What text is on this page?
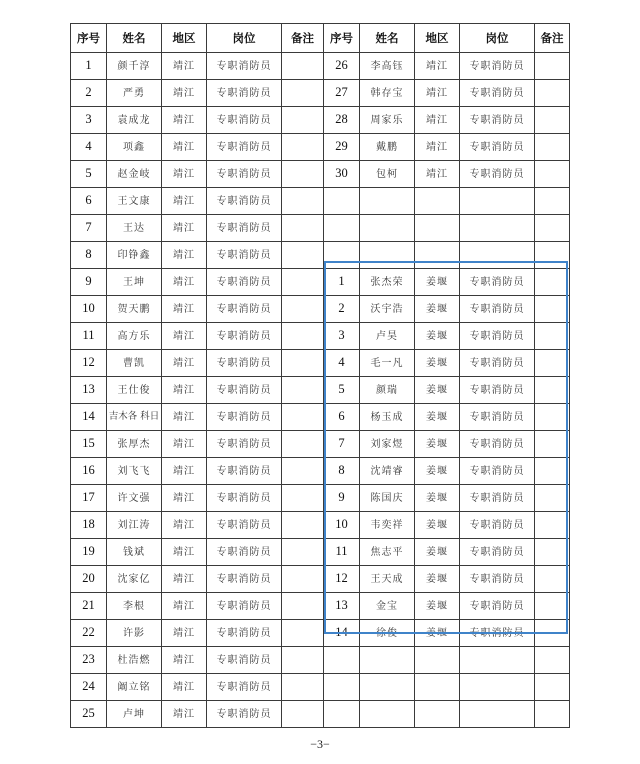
序号	姓名	地区	岗位	备注	序号	姓名	地区	岗位	备注
1	颜千淳	靖江	专职消防员		26	李高钰	靖江	专职消防员	
2	严勇	靖江	专职消防员		27	韩存宝	靖江	专职消防员	
3	袁成龙	靖江	专职消防员		28	周家乐	靖江	专职消防员	
4	项鑫	靖江	专职消防员		29	戴鹏	靖江	专职消防员	
5	赵金岐	靖江	专职消防员		30	包柯	靖江	专职消防员	
6	王文康	靖江	专职消防员						
7	王达	靖江	专职消防员						
8	印铮鑫	靖江	专职消防员						
9	王坤	靖江	专职消防员		1	张杰荣	姜堰	专职消防员	
10	贺天鹏	靖江	专职消防员		2	沃宇浩	姜堰	专职消防员	
11	高方乐	靖江	专职消防员		3	卢昊	姜堰	专职消防员	
12	曹凯	靖江	专职消防员		4	毛一凡	姜堰	专职消防员	
13	王仕俊	靖江	专职消防员		5	颜瑞	姜堰	专职消防员	
14	吉木各 科日	靖江	专职消防员		6	杨玉成	姜堰	专职消防员	
15	张厚杰	靖江	专职消防员		7	刘家煜	姜堰	专职消防员	
16	刘飞飞	靖江	专职消防员		8	沈靖睿	姜堰	专职消防员	
17	许文强	靖江	专职消防员		9	陈国庆	姜堰	专职消防员	
18	刘江涛	靖江	专职消防员		10	韦奕祥	姜堰	专职消防员	
19	钱斌	靖江	专职消防员		11	焦志平	姜堰	专职消防员	
20	沈家亿	靖江	专职消防员		12	王天成	姜堰	专职消防员	
21	李根	靖江	专职消防员		13	金宝	姜堰	专职消防员	
22	许影	靖江	专职消防员		14	徐俊	姜堰	专职消防员	
23	杜浩燃	靖江	专职消防员						
24	阚立铭	靖江	专职消防员						
25	卢坤	靖江	专职消防员						
−3−
